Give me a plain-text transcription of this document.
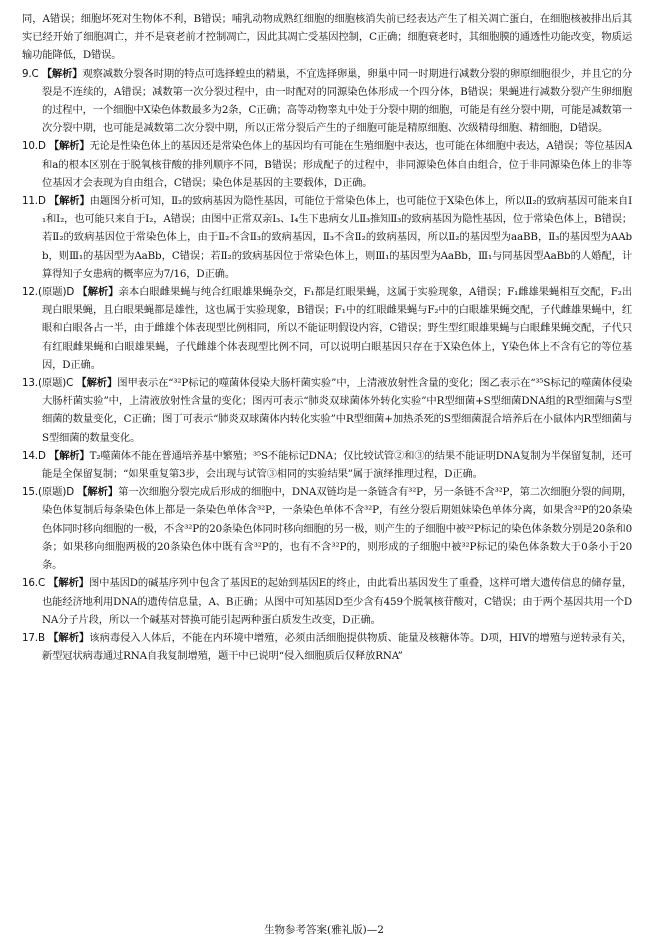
同，A错误；细胞坏死对生物体不利，B错误；哺乳动物成熟红细胞的细胞核消失前已经表达产生了相关凋亡蛋白，在细胞核被排出后其实已经开始了细胞凋亡，并不是衰老前才控制凋亡，因此其凋亡受基因控制，C正确；细胞衰老时，其细胞膜的通透性功能改变，物质运输功能降低，D错误。

9.C 【解析】观察减数分裂各时期的特点可选择蝗虫的精巢，不宜选择卵巢，卵巢中同一时期进行减数分裂的卵原细胞很少，并且它的分裂是不连续的，A错误；减数第一次分裂过程中，由一时配对的同源染色体形成一个四分体，B错误；果蝇进行减数分裂产生卵细胞的过程中，一个细胞中X染色体数最多为2条，C正确；高等动物睾丸中处于分裂中期的细胞，可能是有丝分裂中期，可能是减数第一次分裂中期，也可能是减数第二次分裂中期，所以正常分裂后产生的子细胞可能是精原细胞、次级精母细胞、精细胞，D错误。

10.D 【解析】无论是性染色体上的基因还是常染色体上的基因均有可能在生殖细胞中表达，也可能在体细胞中表达，A错误；等位基因A和a的根本区别在于脱氧核苷酸的排列顺序不同，B错误；形成配子的过程中，非同源染色体自由组合，位于非同源染色体上的非等位基因才会表现为自由组合，C错误；染色体是基因的主要载体，D正确。

11.D 【解析】由题图分析可知，Ⅱ₂的致病基因为隐性基因，可能位于常染色体上，也可能位于X染色体上，所以Ⅱ₂的致病基因可能来自Ⅰ₁和Ⅰ₂，也可能只来自于Ⅰ₂，A错误；由图中正常双亲Ⅰ₃、Ⅰ₄生下患病女儿Ⅱ₃推知Ⅱ₃的致病基因为隐性基因，位于常染色体上，B错误；若Ⅱ₂的致病基因位于常染色体上，由于Ⅱ₂不含Ⅱ₃的致病基因，Ⅱ₃不含Ⅱ₂的致病基因，所以Ⅱ₂的基因型为aaBB，Ⅱ₃的基因型为AAbb，则Ⅲ₁的基因型为AaBb，C错误；若Ⅱ₂的致病基因位于常染色体上，则Ⅲ₁的基因型为AaBb，Ⅲ₁与同基因型AaBb的人婚配，计算得知子女患病的概率应为7/16，D正确。

12.(原题)D 【解析】亲本白眼雌果蝇与纯合红眼雄果蝇杂交，F₁都是红眼果蝇，这属于实验现象，A错误；F₁雌雄果蝇相互交配，F₂出现白眼果蝇，且白眼果蝇都是雄性，这也属于实验现象，B错误；F₁中的红眼雌果蝇与F₂中的白眼雄果蝇交配，子代雌雄果蝇中，红眼和白眼各占一半，由于雌雄个体表现型比例相同，所以不能证明假设内容，C错误；野生型红眼雄果蝇与白眼雌果蝇交配，子代只有红眼雌果蝇和白眼雄果蝇，子代雌雄个体表现型比例不同，可以说明白眼基因只存在于X染色体上，Y染色体上不含有它的等位基因，D正确。

13.(原题)C 【解析】图甲表示在“³²P标记的噬菌体侵染大肠杆菌实验”中，上清液放射性含量的变化；图乙表示在“³⁵S标记的噬菌体侵染大肠杆菌实验”中，上清液放射性含量的变化；图丙可表示“肺炎双球菌体外转化实验”中R型细菌+S型细菌DNA组的R型细菌与S型细菌的数量变化，C正确；图丁可表示“肺炎双球菌体内转化实验”中R型细菌+加热杀死的S型细菌混合培养后在小鼠体内R型细菌与S型细菌的数量变化。

14.D 【解析】T₂噬菌体不能在普通培养基中繁殖；³⁵S不能标记DNA；仅比较试管②和③的结果不能证明DNA复制为半保留复制，还可能是全保留复制；“如果重复第3步，会出现与试管③相同的实验结果”属于演绎推理过程，D正确。

15.(原题)D 【解析】第一次细胞分裂完成后形成的细胞中，DNA双链均是一条链含有³²P，另一条链不含³²P，第二次细胞分裂的间期，染色体复制后每条染色体上都是一条染色单体含³²P，一条染色单体不含³²P，有丝分裂后期姐妹染色单体分离，如果含³²P的20条染色体同时移向细胞的一极，不含³²P的20条染色体同时移向细胞的另一极，则产生的子细胞中被³²P标记的染色体条数分别是20条和0条；如果移向细胞两极的20条染色体中既有含³²P的，也有不含³²P的，则形成的子细胞中被³²P标记的染色体条数大于0条小于20条。

16.C 【解析】图中基因D的碱基序列中包含了基因E的起始到基因E的终止，由此看出基因发生了重叠，这样可增大遗传信息的储存量，也能经济地利用DNA的遗传信息量，A、B正确；从图中可知基因D至少含有459个脱氧核苷酸对，C错误；由于两个基因共用一个DNA分子片段，所以一个碱基对替换可能引起两种蛋白质发生改变，D正确。

17.B 【解析】该病毒侵入人体后，不能在内环境中增殖，必须由活细胞提供物质、能量及核糖体等。D项，HIV的增殖与逆转录有关，新型冠状病毒通过RNA自我复制增殖，题干中已说明“侵入细胞质后仅释放RNA”

生物参考答案(雅礼版)—2
